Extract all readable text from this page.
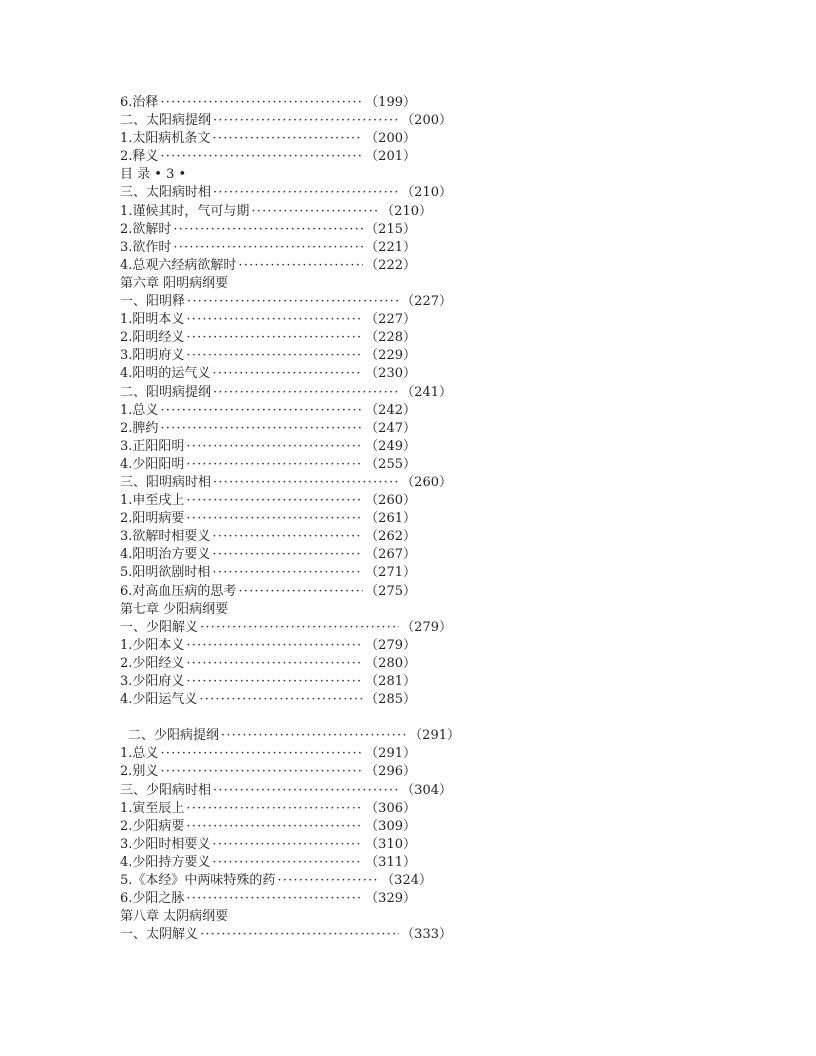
6.治释 ·····	（199）
二、太阳病提纲 ·····	（200）
1.太阳病机条文 ·····	（200）
2.释义 ·····	（201）
目 录 • 3 •
三、太阳病时相 ·····	（210）
1.谨候其时，气可与期 ·····	（210）
2.欲解时 ·····	（215）
3.欲作时 ·····	（221）
4.总观六经病欲解时 ·····	（222）
第六章 阳明病纲要
一、阳明释 ·····	（227）
1.阳明本义 ·····	（227）
2.阳明经义 ·····	（228）
3.阳明府义 ·····	（229）
4.阳明的运气义 ·····	（230）
二、阳明病提纲 ·····	（241）
1.总义 ·····	（242）
2.脾约 ·····	（247）
3.正阳阳明 ·····	（249）
4.少阳阳明 ·····	（255）
三、阳明病时相 ·····	（260）
1.申至戌上 ·····	（260）
2.阳明病要 ·····	（261）
3.欲解时相要义 ·····	（262）
4.阳明治方要义 ·····	（267）
5.阳明欲剧时相 ·····	（271）
6.对高血压病的思考 ·····	（275）
第七章 少阳病纲要
一、少阳解义 ·····	（279）
1.少阳本义 ·····	（279）
2.少阳经义 ·····	（280）
3.少阳府义 ·····	（281）
4.少阳运气义 ·····	（285）
二、少阳病提纲 ·····	（291）
1.总义 ·····	（291）
2.别义 ·····	（296）
三、少阳病时相 ·····	（304）
1.寅至辰上 ·····	（306）
2.少阳病要 ·····	（309）
3.少阳时相要义 ·····	（310）
4.少阳持方要义 ·····	（311）
5.《本经》中两味特殊的药 ·····	（324）
6.少阳之脉 ·····	（329）
第八章 太阴病纲要
一、太阴解义 ·····	（333）
